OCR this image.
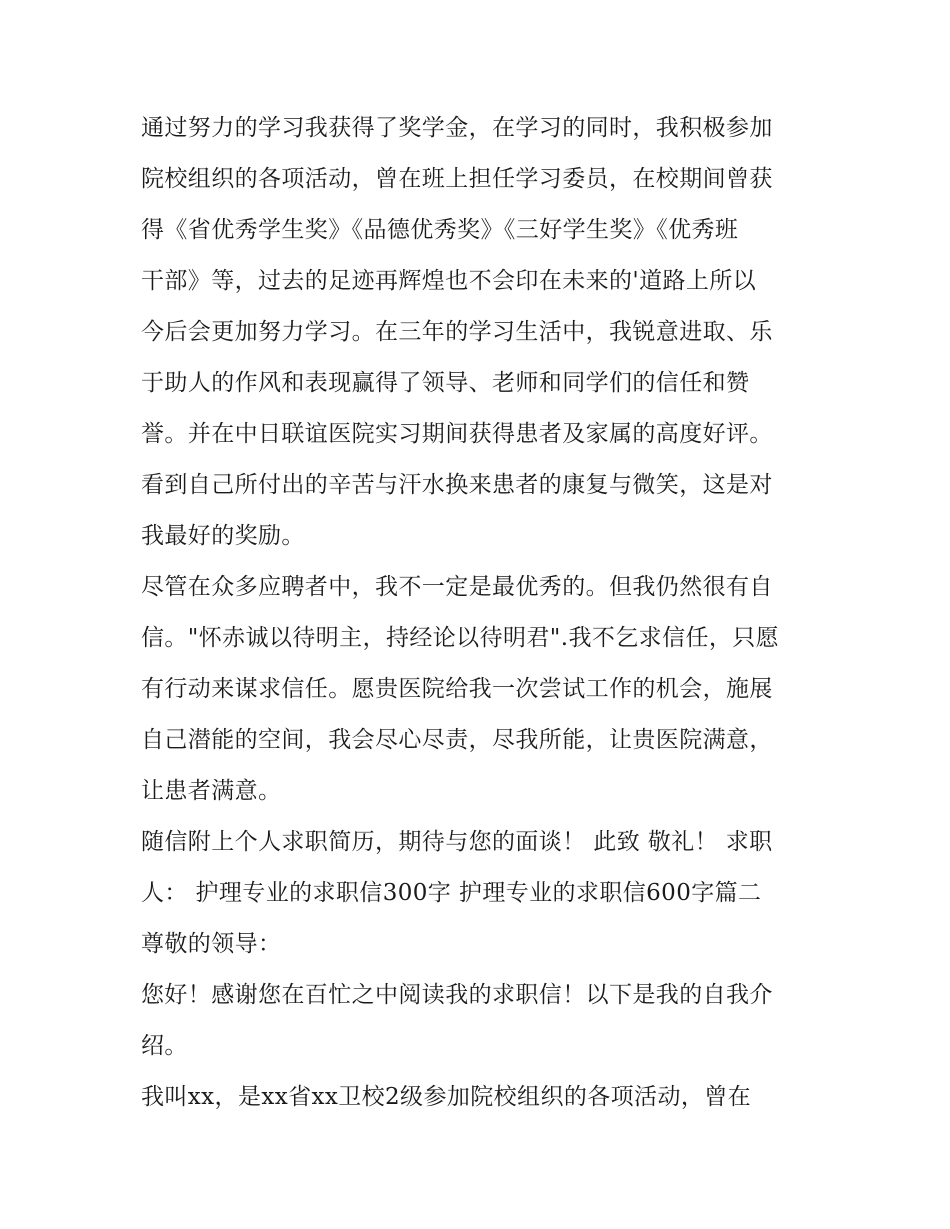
通过努力的学习我获得了奖学金，在学习的同时，我积极参加
院校组织的各项活动，曾在班上担任学习委员，在校期间曾获
得《省优秀学生奖》《品德优秀奖》《三好学生奖》《优秀班
干部》等，过去的足迹再辉煌也不会印在未来的'道路上所以
今后会更加努力学习。在三年的学习生活中，我锐意进取、乐
于助人的作风和表现赢得了领导、老师和同学们的信任和赞
誉。并在中日联谊医院实习期间获得患者及家属的高度好评。
看到自己所付出的辛苦与汗水换来患者的康复与微笑，这是对
我最好的奖励。
尽管在众多应聘者中，我不一定是最优秀的。但我仍然很有自
信。"怀赤诚以待明主，持经论以待明君".我不乞求信任，只愿
有行动来谋求信任。愿贵医院给我一次尝试工作的机会，施展
自己潜能的空间，我会尽心尽责，尽我所能，让贵医院满意，
让患者满意。
随信附上个人求职简历，期待与您的面谈！ 此致 敬礼！ 求职
人： 护理专业的求职信300字 护理专业的求职信600字篇二
尊敬的领导：
您好！感谢您在百忙之中阅读我的求职信！以下是我的自我介
绍。
我叫xx，是xx省xx卫校2级参加院校组织的各项活动，曾在
